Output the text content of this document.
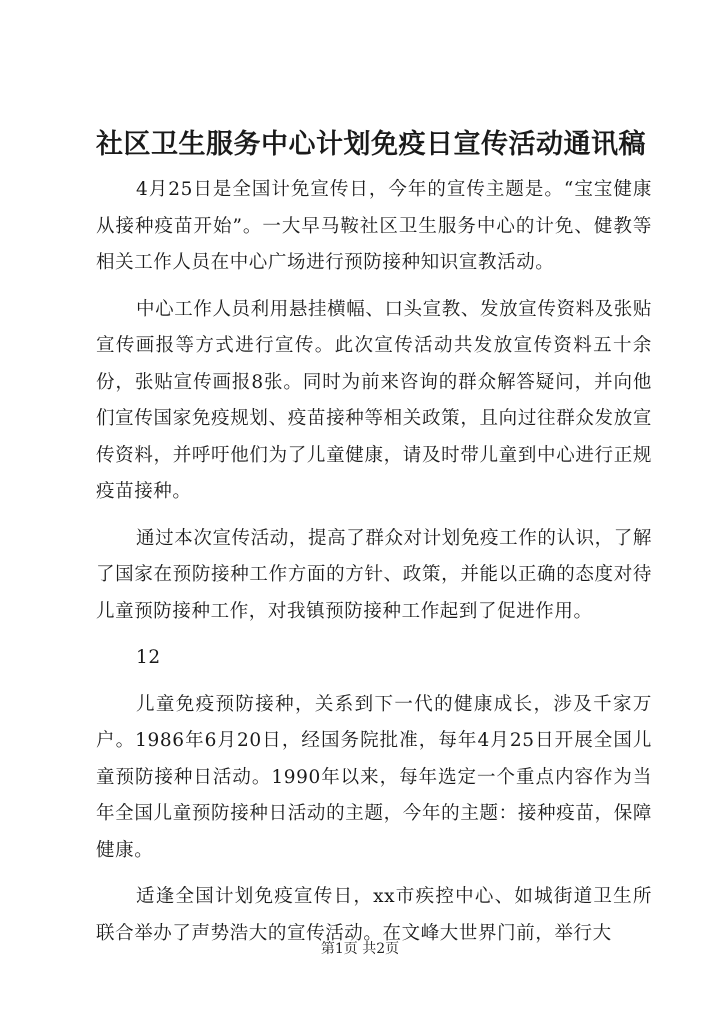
社区卫生服务中心计划免疫日宣传活动通讯稿

4月25日是全国计免宣传日，今年的宣传主题是。“宝宝健康从接种疫苗开始”。一大早马鞍社区卫生服务中心的计免、健教等相关工作人员在中心广场进行预防接种知识宣教活动。

中心工作人员利用悬挂横幅、口头宣教、发放宣传资料及张贴宣传画报等方式进行宣传。此次宣传活动共发放宣传资料五十余份，张贴宣传画报8张。同时为前来咨询的群众解答疑问，并向他们宣传国家免疫规划、疫苗接种等相关政策，且向过往群众发放宣传资料，并呼吁他们为了儿童健康，请及时带儿童到中心进行正规疫苗接种。

通过本次宣传活动，提高了群众对计划免疫工作的认识，了解了国家在预防接种工作方面的方针、政策，并能以正确的态度对待儿童预防接种工作，对我镇预防接种工作起到了促进作用。

12

儿童免疫预防接种，关系到下一代的健康成长，涉及千家万户。1986年6月20日，经国务院批准，每年4月25日开展全国儿童预防接种日活动。1990年以来，每年选定一个重点内容作为当年全国儿童预防接种日活动的主题，今年的主题：接种疫苗，保障健康。

适逢全国计划免疫宣传日，xx市疾控中心、如城街道卫生所联合举办了声势浩大的宣传活动。在文峰大世界门前，举行大

第1页 共2页
